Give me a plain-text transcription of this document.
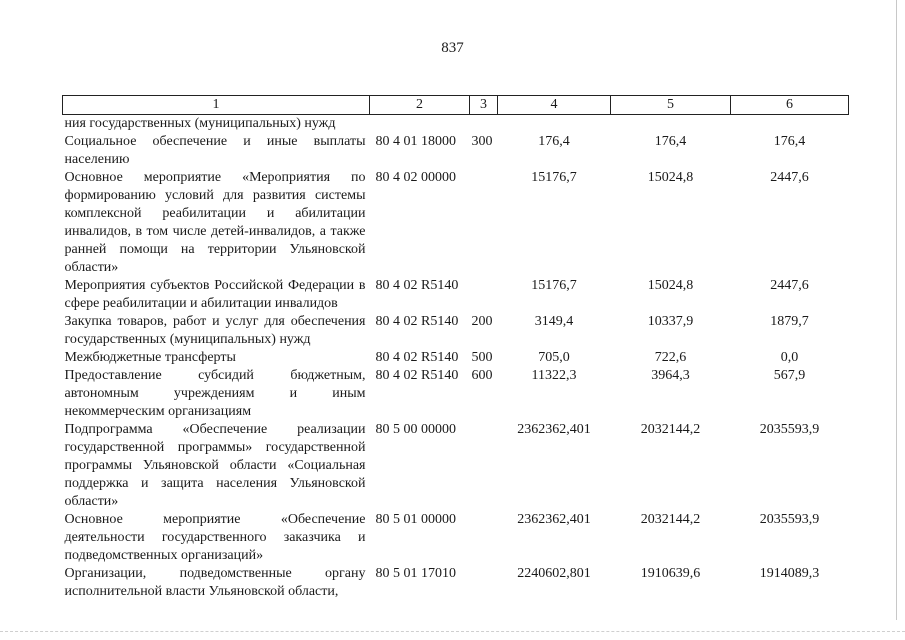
837
1	2	3	4	5	6
ния государственных (муниципальных) нужд					
Социальное обеспечение и иные выплаты населению	80 4 01 18000	300	176,4	176,4	176,4
Основное мероприятие «Мероприятия по формированию условий для развития системы комплексной реабилитации и абилитации инвалидов, в том числе детей-инвалидов, а также ранней помощи на территории Ульяновской области»	80 4 02 00000		15176,7	15024,8	2447,6
Мероприятия субъектов Российской Федерации в сфере реабилитации и абилитации инвалидов	80 4 02 R5140		15176,7	15024,8	2447,6
Закупка товаров, работ и услуг для обеспечения государственных (муниципальных) нужд	80 4 02 R5140	200	3149,4	10337,9	1879,7
Межбюджетные трансферты	80 4 02 R5140	500	705,0	722,6	0,0
Предоставление субсидий бюджетным, автономным учреждениям и иным некоммерческим организациям	80 4 02 R5140	600	11322,3	3964,3	567,9
Подпрограмма «Обеспечение реализации государственной программы» государственной программы Ульяновской области «Социальная поддержка и защита населения Ульяновской области»	80 5 00 00000		2362362,401	2032144,2	2035593,9
Основное мероприятие «Обеспечение деятельности государственного заказчика и подведомственных организаций»	80 5 01 00000		2362362,401	2032144,2	2035593,9
Организации, подведомственные органу исполнительной власти Ульяновской области,	80 5 01 17010		2240602,801	1910639,6	1914089,3
